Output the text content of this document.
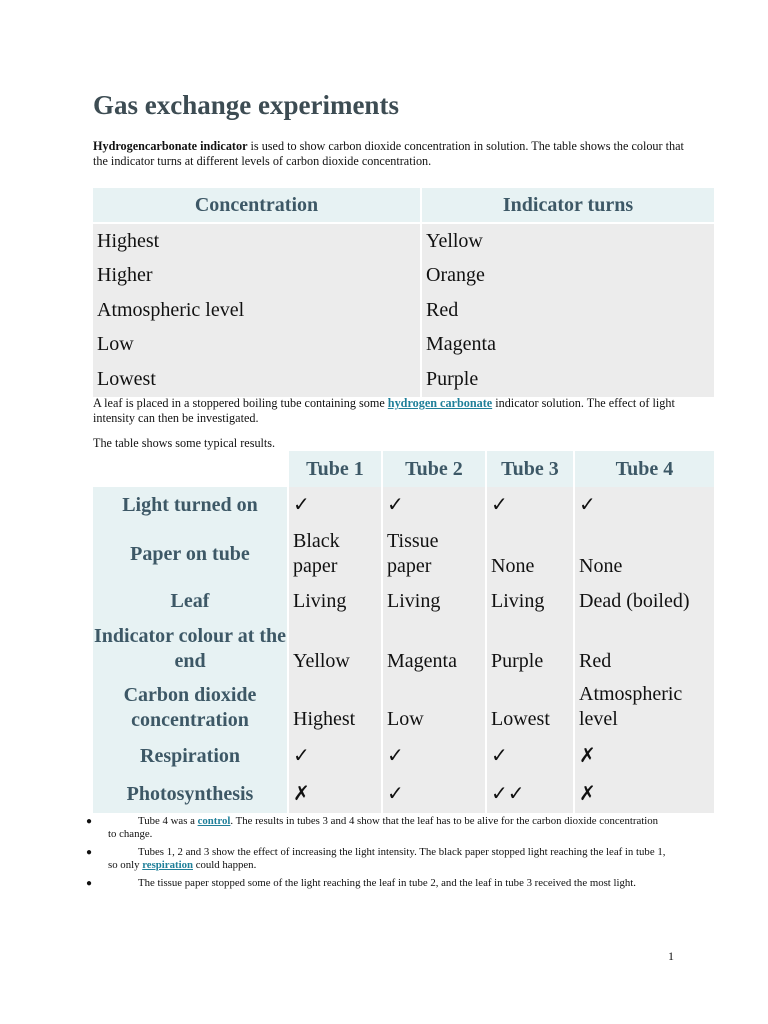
Gas exchange experiments

Hydrogencarbonate indicator is used to show carbon dioxide concentration in solution. The table shows the colour that the indicator turns at different levels of carbon dioxide concentration.

Concentration	Indicator turns
Highest	Yellow
Higher	Orange
Atmospheric level	Red
Low	Magenta
Lowest	Purple

A leaf is placed in a stoppered boiling tube containing some hydrogen carbonate indicator solution. The effect of light intensity can then be investigated.

The table shows some typical results.

	Tube 1	Tube 2	Tube 3	Tube 4
Light turned on	✓	✓	✓	✓
Paper on tube	Black paper	Tissue paper	None	None
Leaf	Living	Living	Living	Dead (boiled)
Indicator colour at the end	Yellow	Magenta	Purple	Red
Carbon dioxide concentration	Highest	Low	Lowest	Atmospheric level
Respiration	✓	✓	✓	✗
Photosynthesis	✗	✓	✓✓	✗
●	Tube 4 was a control. The results in tubes 3 and 4 show that the leaf has to be alive for the carbon dioxide concentration to change.
●	Tubes 1, 2 and 3 show the effect of increasing the light intensity. The black paper stopped light reaching the leaf in tube 1, so only respiration could happen.
●	The tissue paper stopped some of the light reaching the leaf in tube 2, and the leaf in tube 3 received the most light.
1
